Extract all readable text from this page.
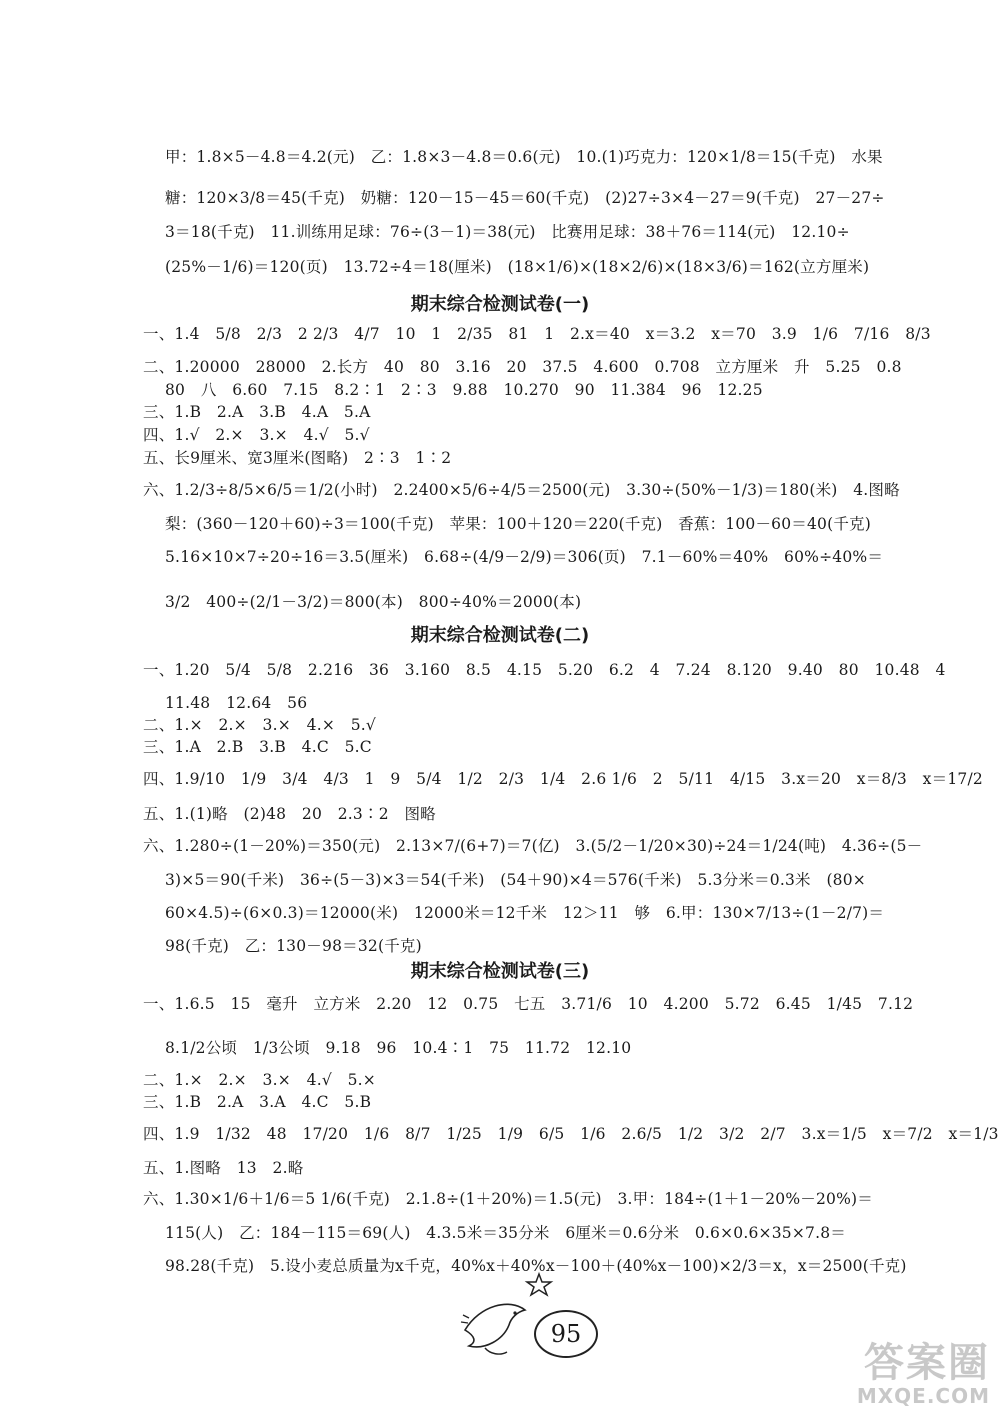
甲：1.8×5－4.8＝4.2(元)　乙：1.8×3－4.8＝0.6(元)　10.(1)巧克力：120×1/8＝15(千克)　水果
糖：120×3/8＝45(千克)　奶糖：120－15－45＝60(千克)　(2)27÷3×4－27＝9(千克)　27－27÷
3＝18(千克)　11.训练用足球：76÷(3－1)＝38(元)　比赛用足球：38＋76＝114(元)　12.10÷
(25%－1/6)＝120(页)　13.72÷4＝18(厘米)　(18×1/6)×(18×2/6)×(18×3/6)＝162(立方厘米)
期末综合检测试卷(一)
一、1.4　5/8　2/3　2 2/3　4/7　10　1　2/35　81　1　2.x＝40　x＝3.2　x＝70　3.9　1/6　7/16　8/3
二、1.20000　28000　2.长方　40　80　3.16　20　37.5　4.600　0.708　立方厘米　升　5.25　0.8
80　八　6.60　7.15　8.2∶1　2∶3　9.88　10.270　90　11.384　96　12.25
三、1.B　2.A　3.B　4.A　5.A
四、1.√　2.×　3.×　4.√　5.√
五、长9厘米、宽3厘米(图略)　2∶3　1∶2
六、1.2/3÷8/5×6/5＝1/2(小时)　2.2400×5/6÷4/5＝2500(元)　3.30÷(50%－1/3)＝180(米)　4.图略
梨：(360－120＋60)÷3＝100(千克)　苹果：100＋120＝220(千克)　香蕉：100－60＝40(千克)
5.16×10×7÷20÷16＝3.5(厘米)　6.68÷(4/9－2/9)＝306(页)　7.1－60%＝40%　60%÷40%＝
3/2　400÷(2/1－3/2)＝800(本)　800÷40%＝2000(本)
期末综合检测试卷(二)
一、1.20　5/4　5/8　2.216　36　3.160　8.5　4.15　5.20　6.2　4　7.24　8.120　9.40　80　10.48　4
11.48　12.64　56
二、1.×　2.×　3.×　4.×　5.√
三、1.A　2.B　3.B　4.C　5.C
四、1.9/10　1/9　3/4　4/3　1　9　5/4　1/2　2/3　1/4　2.6 1/6　2　5/11　4/15　3.x＝20　x＝8/3　x＝17/2
五、1.(1)略　(2)48　20　2.3∶2　图略
六、1.280÷(1－20%)＝350(元)　2.13×7/(6+7)＝7(亿)　3.(5/2－1/20×30)÷24＝1/24(吨)　4.36÷(5－
3)×5＝90(千米)　36÷(5－3)×3＝54(千米)　(54＋90)×4＝576(千米)　5.3分米＝0.3米　(80×
60×4.5)÷(6×0.3)＝12000(米)　12000米＝12千米　12＞11　够　6.甲：130×7/13÷(1－2/7)＝
98(千克)　乙：130－98＝32(千克)
期末综合检测试卷(三)
一、1.6.5　15　毫升　立方米　2.20　12　0.75　七五　3.71/6　10　4.200　5.72　6.45　1/45　7.12
8.1/2公顷　1/3公顷　9.18　96　10.4∶1　75　11.72　12.10
二、1.×　2.×　3.×　4.√　5.×
三、1.B　2.A　3.A　4.C　5.B
四、1.9　1/32　48　17/20　1/6　8/7　1/25　1/9　6/5　1/6　2.6/5　1/2　3/2　2/7　3.x＝1/5　x＝7/2　x＝1/3
五、1.图略　13　2.略
六、1.30×1/6＋1/6＝5 1/6(千克)　2.1.8÷(1＋20%)＝1.5(元)　3.甲：184÷(1＋1－20%－20%)＝
115(人)　乙：184－115＝69(人)　4.3.5米＝35分米　6厘米＝0.6分米　0.6×0.6×35×7.8＝
98.28(千克)　5.设小麦总质量为x千克，40%x＋40%x－100＋(40%x－100)×2/3＝x，x＝2500(千克)
95
答案圈
MXQE.COM
